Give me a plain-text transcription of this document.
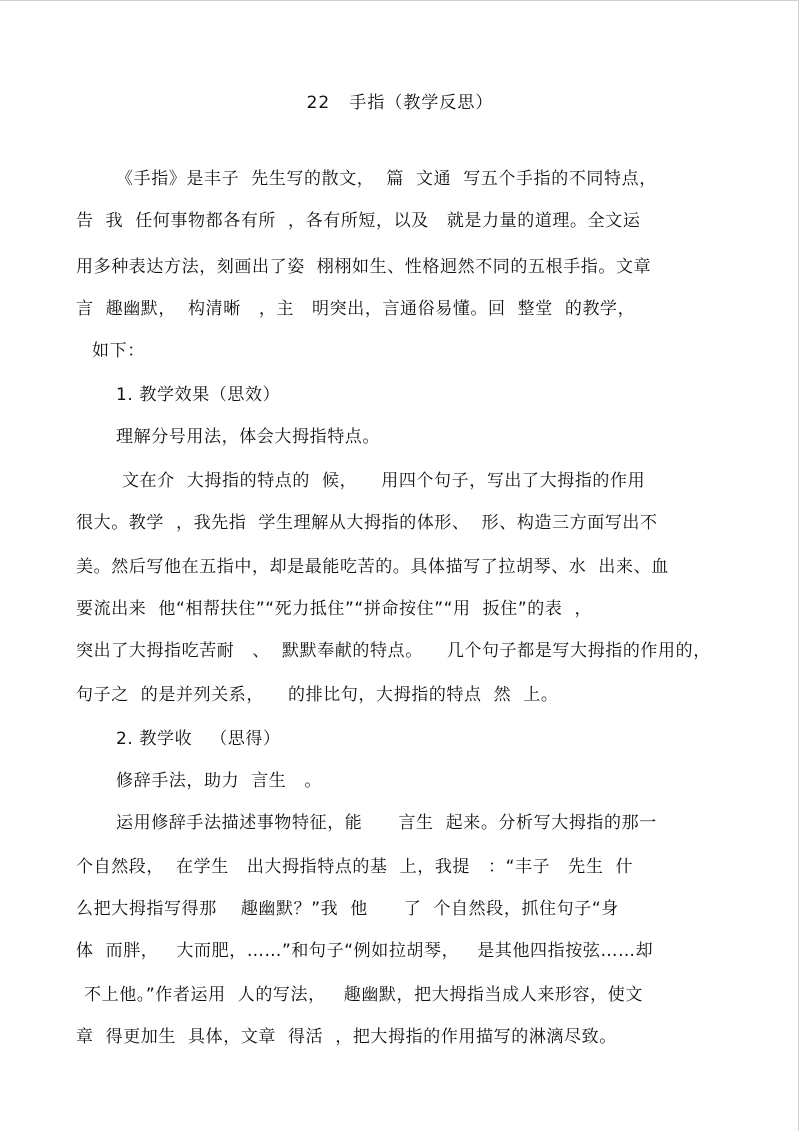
22   手指（教学反思）
《手指》是丰子  先生写的散文，  篇  文通  写五个手指的不同特点，
告  我  任何事物都各有所  ，各有所短，以及   就是力量的道理。全文运
用多种表达方法，刻画出了姿  栩栩如生、性格迥然不同的五根手指。文章
言  趣幽默，  构清晰   ，主   明突出，言通俗易懂。回  整堂  的教学，
如下：
1. 教学效果（思效）
理解分号用法，体会大拇指特点。
文在介  大拇指的特点的  候，    用四个句子，写出了大拇指的作用
很大。教学  ，我先指  学生理解从大拇指的体形、  形、构造三方面写出不
美。然后写他在五指中，却是最能吃苦的。具体描写了拉胡琴、水  出来、血
要流出来  他“相帮扶住”“死力抵住”“拼命按住”“用  扳住”的表  ，
突出了大拇指吃苦耐   、  默默奉献的特点。    几个句子都是写大拇指的作用的，
句子之  的是并列关系，    的排比句，大拇指的特点  然  上。
2. 教学收   （思得）
修辞手法，助力  言生   。
运用修辞手法描述事物特征，能      言生  起来。分析写大拇指的那一
个自然段，  在学生   出大拇指特点的基  上，我提   ：“丰子   先生  什
么把大拇指写得那    趣幽默？”我  他      了  个自然段，抓住句子“身
体  而胖，   大而肥，……”和句子“例如拉胡琴，   是其他四指按弦……却
不上他。”作者运用  人的写法，   趣幽默，把大拇指当成人来形容，使文
章  得更加生  具体，文章  得活  ，把大拇指的作用描写的淋漓尽致。
